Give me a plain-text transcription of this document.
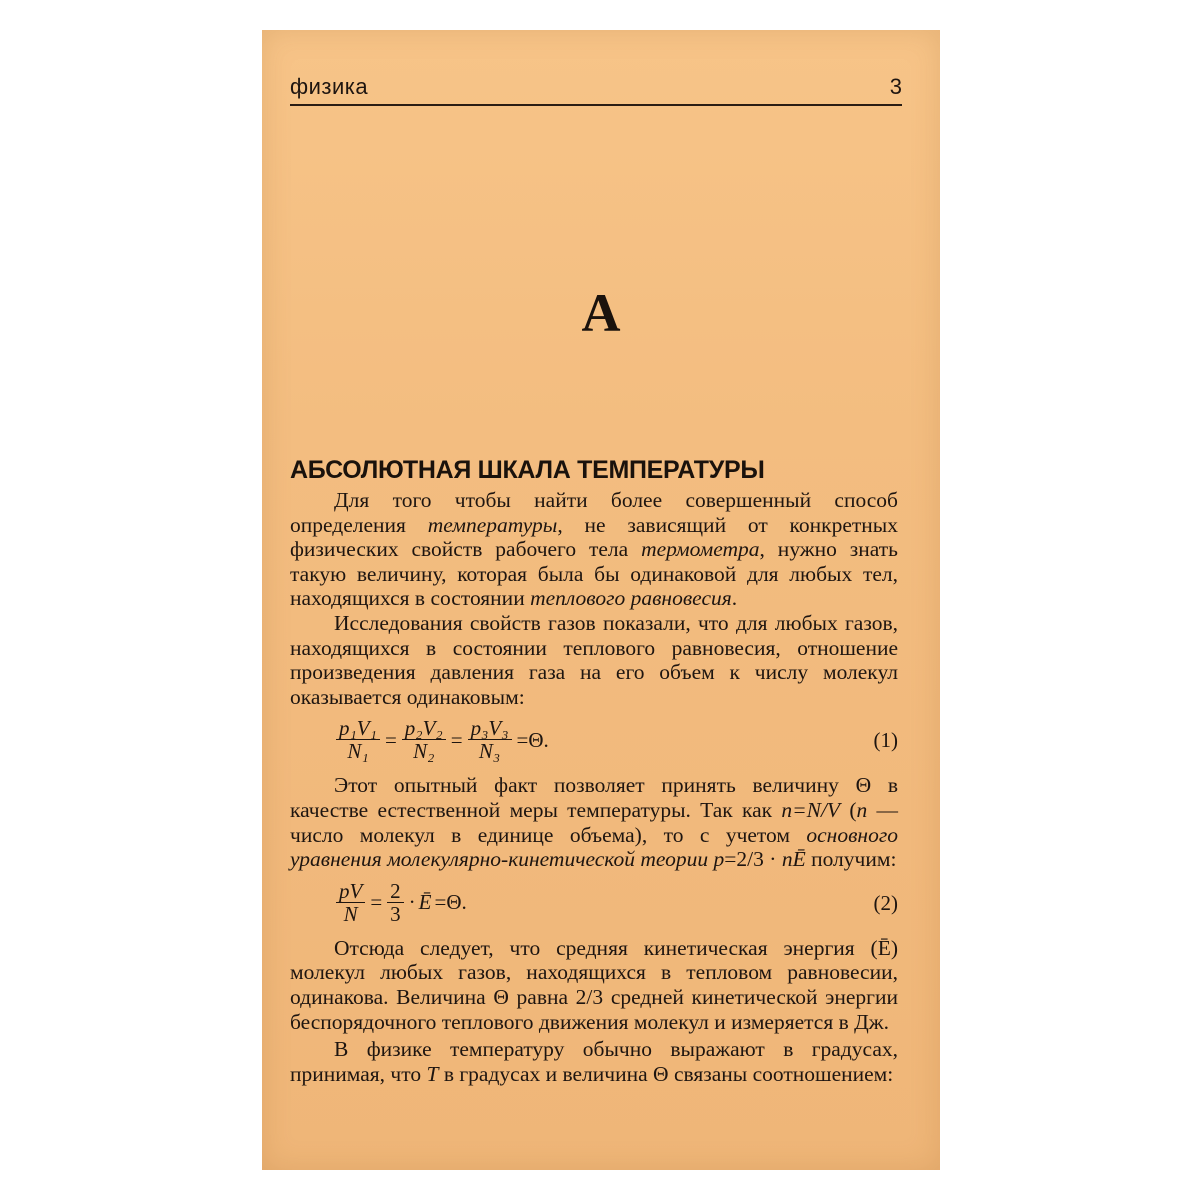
физика	3
А
АБСОЛЮТНАЯ ШКАЛА ТЕМПЕРАТУРЫ

Для того чтобы найти более совершенный способ определения температуры, не зависящий от конкретных физических свойств рабочего тела термометра, нужно знать такую величину, которая была бы одинаковой для любых тел, находящихся в состоянии теплового равновесия.

Исследования свойств газов показали, что для любых газов, находящихся в состоянии теплового равновесия, отношение произведения давления газа на его объем к числу молекул оказывается одинаковым:

$\frac{\text{p₁V₁}}{\text{N₁}} = \frac{\text{p₂V₂}}{\text{N₂}} = \frac{\text{p₃V₃}}{\text{N₃}} =\Theta$.	(1)

Этот опытный факт позволяет принять величину Θ в качестве естественной меры температуры. Так как n=N/V (n — число молекул в единице объема), то с учетом основного уравнения молекулярно-кинетической теории p=2/3 · nĒ получим:

$\frac{pV}{N} = \frac{2}{3}$ · Ē =Θ.	(2)

Отсюда следует, что средняя кинетическая энергия (Ē) молекул любых газов, находящихся в тепловом равновесии, одинакова. Величина Θ равна 2/3 средней кинетической энергии беспорядочного теплового движения молекул и измеряется в Дж.

В физике температуру обычно выражают в градусах, принимая, что T в градусах и величина Θ связаны соотношением:
